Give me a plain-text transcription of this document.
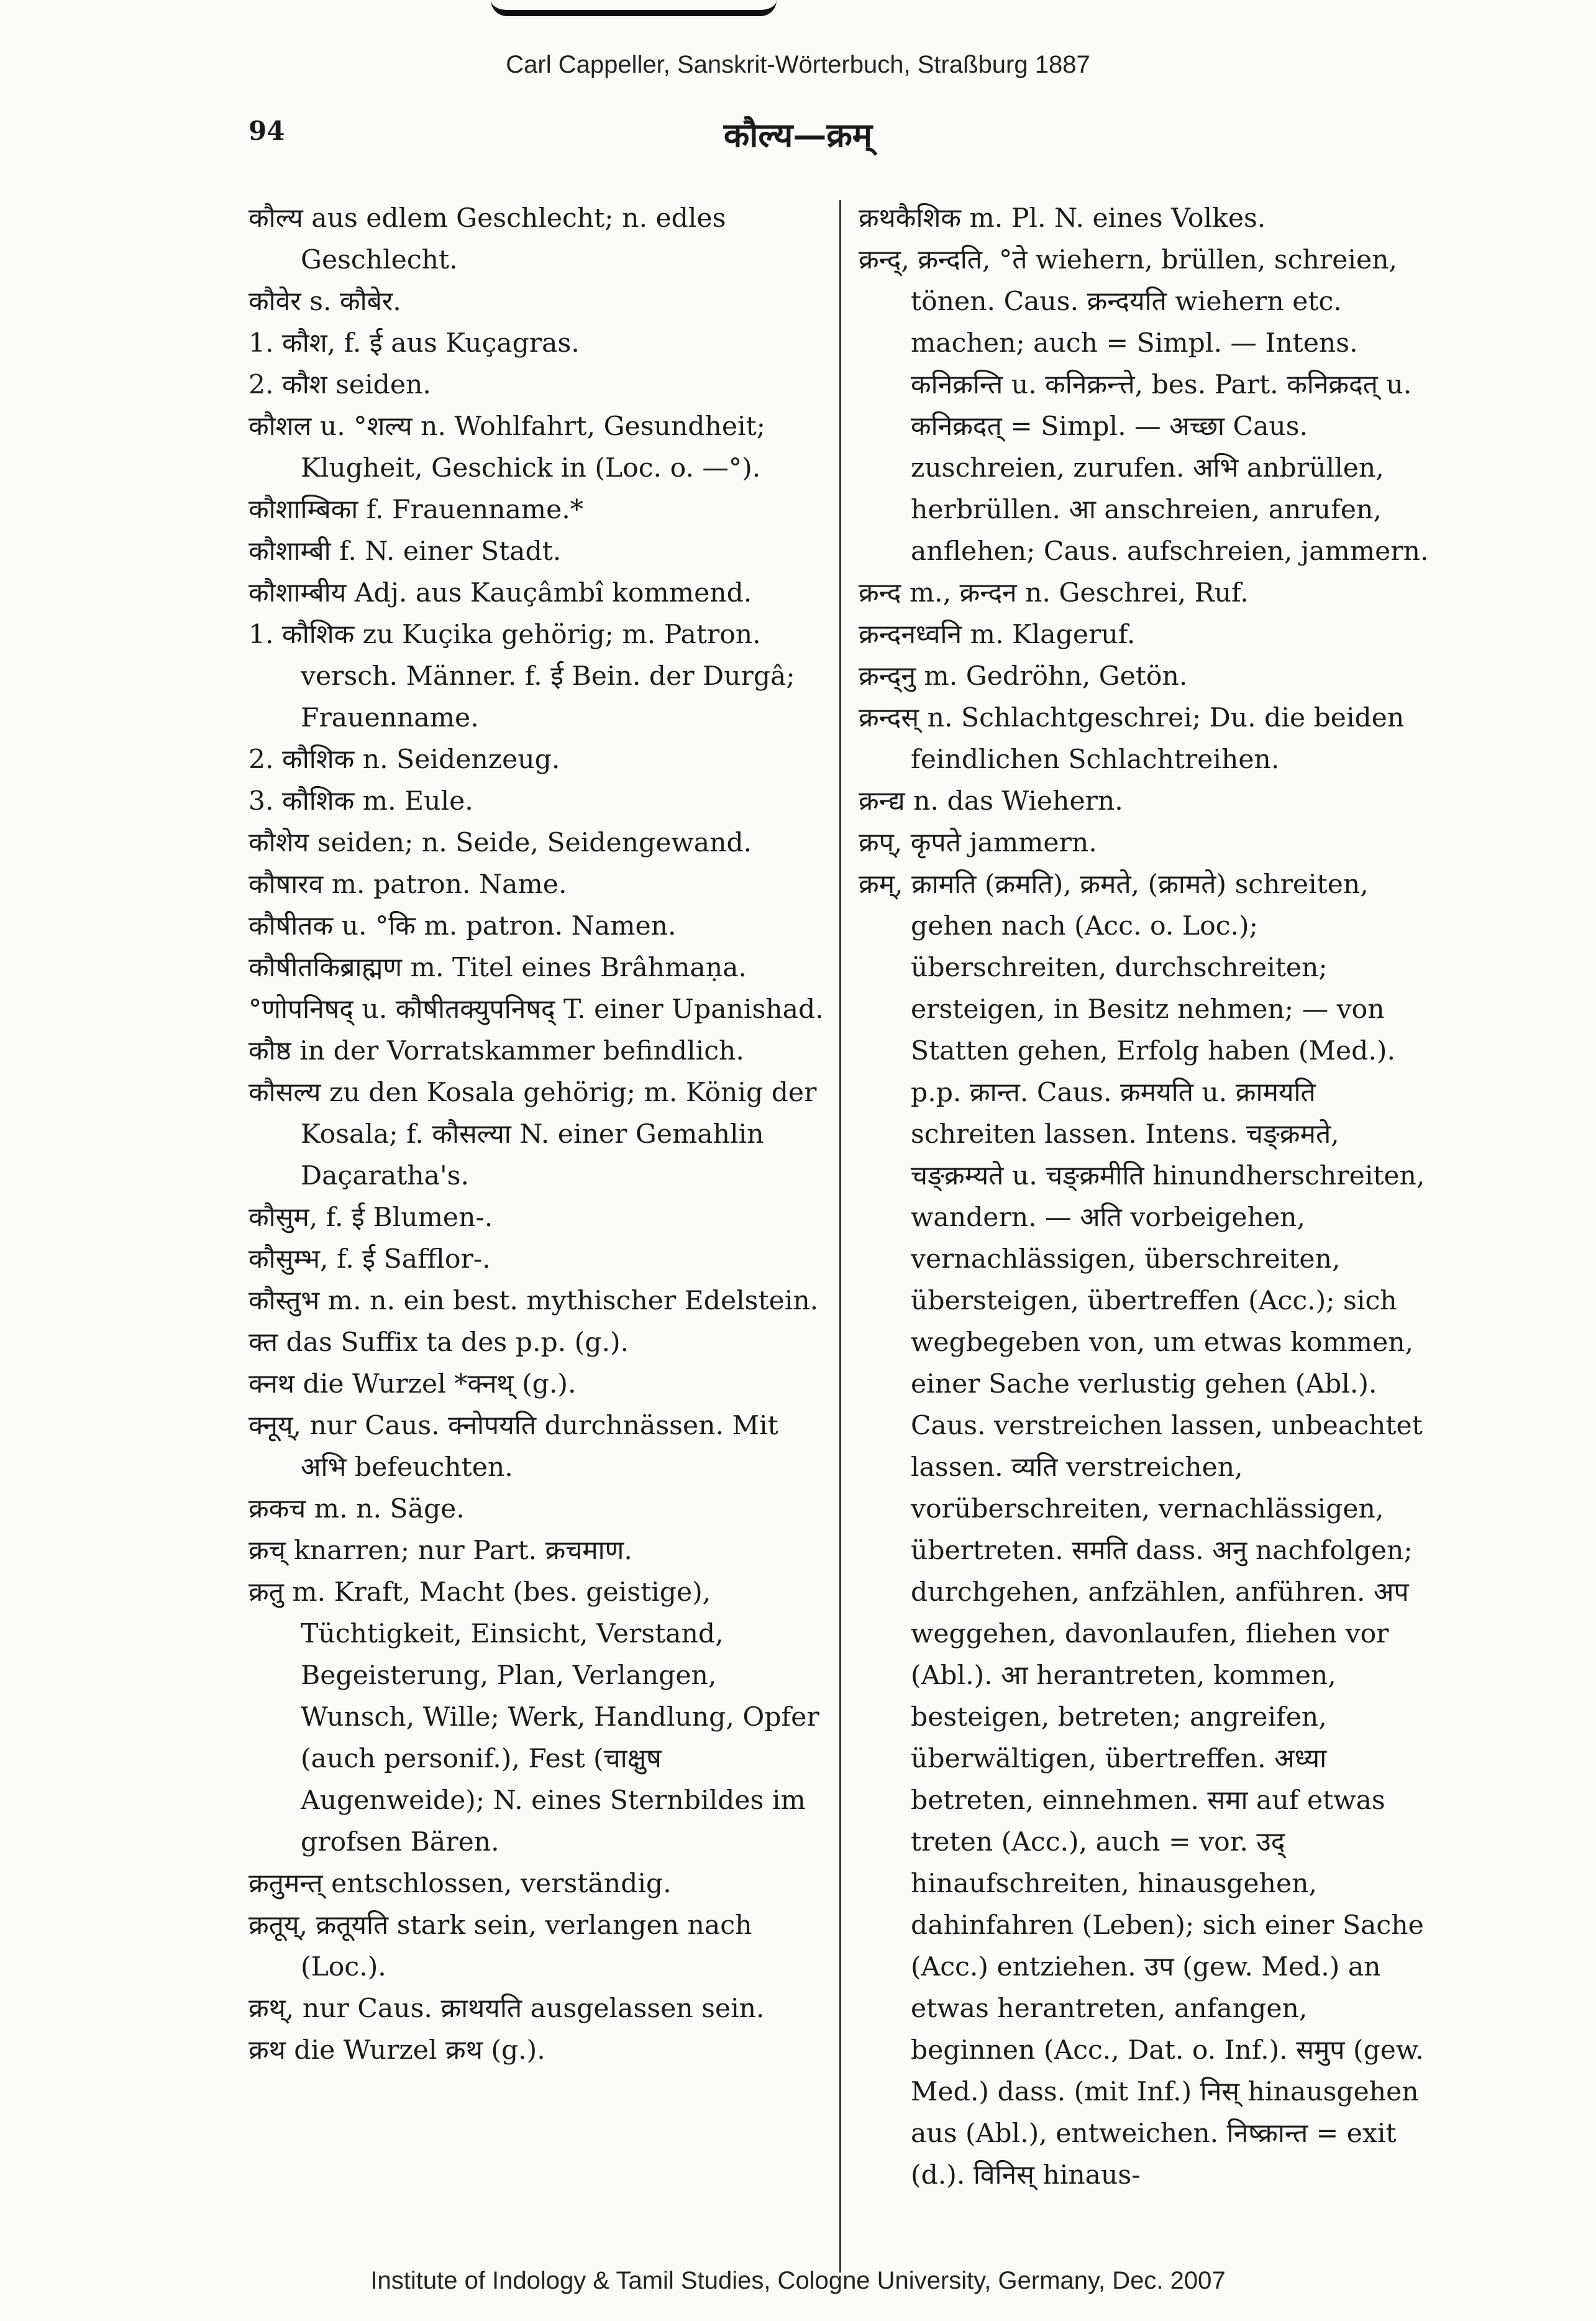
Carl Cappeller, Sanskrit-Wörterbuch, Straßburg 1887
94	कौल्य—क्रम्

कौल्य aus edlem Geschlecht; n. edles Geschlecht.

कौवेर s. कौबेर.

1. कौश, f. ई aus Kuçagras.

2. कौश seiden.

कौशल u. °शल्य n. Wohlfahrt, Gesundheit; Klugheit, Geschick in (Loc. o. —°).

कौशाम्बिका f. Frauenname.*

कौशाम्बी f. N. einer Stadt.

कौशाम्बीय Adj. aus Kauçâmbî kommend.

1. कौशिक zu Kuçika gehörig; m. Patron. versch. Männer. f. ई Bein. der Durgâ; Frauenname.

2. कौशिक n. Seidenzeug.

3. कौशिक m. Eule.

कौशेय seiden; n. Seide, Seidengewand.

कौषारव m. patron. Name.

कौषीतक u. °कि m. patron. Namen.

कौषीतकिब्राह्मण m. Titel eines Brâhmaṇa.

°णोपनिषद् u. कौषीतक्युपनिषद् T. einer Upanishad.

कौष्ठ in der Vorratskammer befindlich.

कौसल्य zu den Kosala gehörig; m. König der Kosala; f. कौसल्या N. einer Gemahlin Daçaratha's.

कौसुम, f. ई Blumen-.

कौसुम्भ, f. ई Safflor-.

कौस्तुभ m. n. ein best. mythischer Edelstein.

क्त das Suffix ta des p.p. (g.).

क्नथ die Wurzel *क्नथ् (g.).

क्नूय्, nur Caus. क्नोपयति durchnässen. Mit अभि befeuchten.

क्रकच m. n. Säge.

क्रच् knarren; nur Part. क्रचमाण.

क्रतु m. Kraft, Macht (bes. geistige), Tüchtigkeit, Einsicht, Verstand, Begeisterung, Plan, Verlangen, Wunsch, Wille; Werk, Handlung, Opfer (auch personif.), Fest (चाक्षुष Augenweide); N. eines Sternbildes im grofsen Bären.

क्रतुमन्त् entschlossen, verständig.

क्रतूय्, क्रतूयति stark sein, verlangen nach (Loc.).

क्रथ्, nur Caus. क्राथयति ausgelassen sein.

क्रथ die Wurzel क्रथ (g.).

क्रथकैशिक m. Pl. N. eines Volkes.

क्रन्द्, क्रन्दति, °ते wiehern, brüllen, schreien, tönen. Caus. क्रन्दयति wiehern etc. machen; auch = Simpl. — Intens. कनिक्रन्ति u. कनिक्रन्त्ते, bes. Part. कनिक्रदत् u. कनिक्रदत् = Simpl. — अच्छा Caus. zuschreien, zurufen. अभि anbrüllen, herbrüllen. आ anschreien, anrufen, anflehen; Caus. aufschreien, jammern.

क्रन्द m., क्रन्दन n. Geschrei, Ruf.

क्रन्दनध्वनि m. Klageruf.

क्रन्द्नु m. Gedröhn, Getön.

क्रन्दस् n. Schlachtgeschrei; Du. die beiden feindlichen Schlachtreihen.

क्रन्द्य n. das Wiehern.

क्रप्, कृपते jammern.

क्रम्, क्रामति (क्रमति), क्रमते, (क्रामते) schreiten, gehen nach (Acc. o. Loc.); überschreiten, durchschreiten; ersteigen, in Besitz nehmen; — von Statten gehen, Erfolg haben (Med.). p.p. क्रान्त. Caus. क्रमयति u. क्रामयति schreiten lassen. Intens. चङ्क्रमते, चङ्क्रम्यते u. चङ्क्रमीति hinundherschreiten, wandern. — अति vorbeigehen, vernachlässigen, überschreiten, übersteigen, übertreffen (Acc.); sich wegbegeben von, um etwas kommen, einer Sache verlustig gehen (Abl.). Caus. verstreichen lassen, unbeachtet lassen. व्यति verstreichen, vorüberschreiten, vernachlässigen, übertreten. समति dass. अनु nachfolgen; durchgehen, anfzählen, anführen. अप weggehen, davonlaufen, fliehen vor (Abl.). आ herantreten, kommen, besteigen, betreten; angreifen, überwältigen, übertreffen. अध्या betreten, einnehmen. समा auf etwas treten (Acc.), auch = vor. उद् hinaufschreiten, hinausgehen, dahinfahren (Leben); sich einer Sache (Acc.) entziehen. उप (gew. Med.) an etwas herantreten, anfangen, beginnen (Acc., Dat. o. Inf.). समुप (gew. Med.) dass. (mit Inf.) निस् hinausgehen aus (Abl.), entweichen. निष्क्रान्त = exit (d.). विनिस् hinaus-

Institute of Indology & Tamil Studies, Cologne University, Germany, Dec. 2007
